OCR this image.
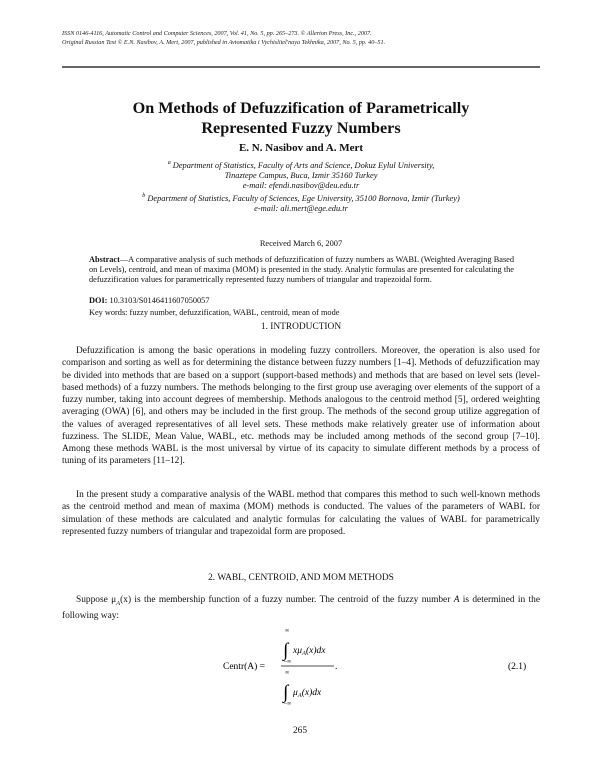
ISSN 0146-4116, Automatic Control and Computer Sciences, 2007, Vol. 41, No. 5, pp. 265–273. © Allerton Press, Inc., 2007.
Original Russian Text © E.N. Nasibov, A. Mert, 2007, published in Avtomatika i Vychislitel'naya Tekhnika, 2007, No. 5, pp. 40–51.
On Methods of Defuzzification of Parametrically
Represented Fuzzy Numbers
E. N. Nasibov and A. Mert
$^a$ Department of Statistics, Faculty of Arts and Science, Dokuz Eylul University,
Tinaztepe Campus, Buca, Izmir 35160 Turkey
e-mail: efendi.nasibov@deu.edu.tr
$^b$ Department of Statistics, Faculty of Sciences, Ege University, 35100 Bornova, Izmir (Turkey)
e-mail: ali.mert@ege.edu.tr
Received March 6, 2007
Abstract—A comparative analysis of such methods of defuzzification of fuzzy numbers as WABL (Weighted Averaging Based on Levels), centroid, and mean of maxima (MOM) is presented in the study. Analytic formulas are presented for calculating the defuzzification values for parametrically represented fuzzy numbers of triangular and trapezoidal form.
DOI: 10.3103/S0146411607050057
Key words: fuzzy number, defuzzification, WABL, centroid, mean of mode
1. INTRODUCTION

Defuzzification is among the basic operations in modeling fuzzy controllers. Moreover, the operation is also used for comparison and sorting as well as for determining the distance between fuzzy numbers [1–4]. Methods of defuzzification may be divided into methods that are based on a support (support-based methods) and methods that are based on level sets (level-based methods) of a fuzzy numbers. The methods belonging to the first group use averaging over elements of the support of a fuzzy number, taking into account degrees of membership. Methods analogous to the centroid method [5], ordered weighting averaging (OWA) [6], and others may be included in the first group. The methods of the second group utilize aggregation of the values of averaged representatives of all level sets. These methods make relatively greater use of information about fuzziness. The SLIDE, Mean Value, WABL, etc. methods may be included among methods of the second group [7–10]. Among these methods WABL is the most universal by virtue of its capacity to simulate different methods by a process of tuning of its parameters [11–12].

In the present study a comparative analysis of the WABL method that compares this method to such well-known methods as the centroid method and mean of maxima (MOM) methods is conducted. The values of the parameters of WABL for simulation of these methods are calculated and analytic formulas for calculating the values of WABL for parametrically represented fuzzy numbers of triangular and trapezoidal form are proposed.

2. WABL, CENTROID, AND MOM METHODS

Suppose $\mu_A(x)$ is the membership function of a fuzzy number. The centroid of the fuzzy number A is determined in the following way:

Centr(A) =
∞
∫
–∞
$x\mu_A(x)dx$
.
∞
∫
–∞
$\mu_A(x)dx$
(2.1)
265
